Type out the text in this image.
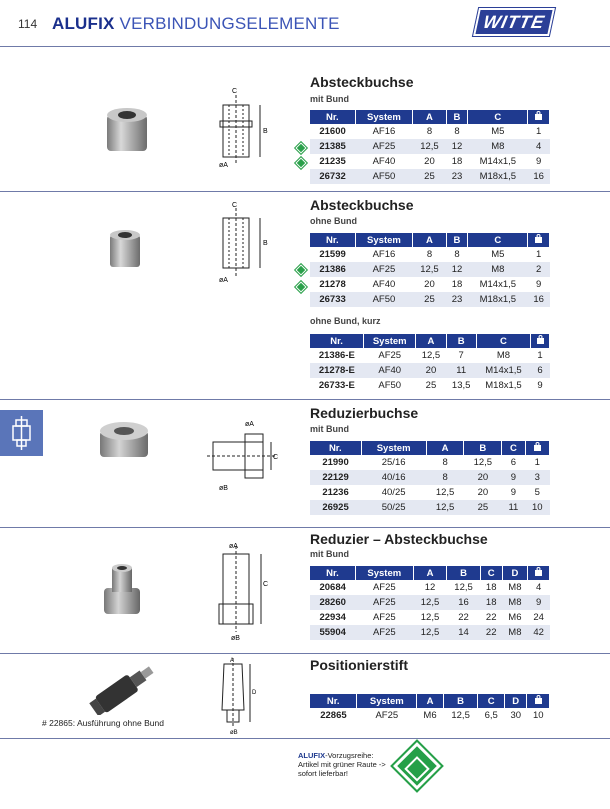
114 ALUFIX VERBINDUNGSELEMENTE	WITTE
C
B
øA
Absteckbuchse
mit Bund
Nr.	System	A	B	C	
21600	AF16	8	8	M5	1
21385	AF25	12,5	12	M8	4
21235	AF40	20	18	M14x1,5	9
26732	AF50	25	23	M18x1,5	16
C
B
øA
Absteckbuchse
ohne Bund
Nr.	System	A	B	C	
21599	AF16	8	8	M5	1
21386	AF25	12,5	12	M8	2
21278	AF40	20	18	M14x1,5	9
26733	AF50	25	23	M18x1,5	16
ohne Bund, kurz
Nr.	System	A	B	C	
21386-E	AF25	12,5	7	M8	1
21278-E	AF40	20	11	M14x1,5	6
26733-E	AF50	25	13,5	M18x1,5	9
øA
C
øB
Reduzierbuchse
mit Bund
Nr.	System	A	B	C	
21990	25/16	8	12,5	6	1
22129	40/16	8	20	9	3
21236	40/25	12,5	20	9	5
26925	50/25	12,5	25	11	10
øA
C
øB
Reduzier – Absteckbuchse
mit Bund
Nr.	System	A	B	C	D	
20684	AF25	12	12,5	18	M8	4
28260	AF25	12,5	16	18	M8	9
22934	AF25	12,5	22	22	M6	24
55904	AF25	12,5	14	22	M8	42
A
D
øB
Positionierstift
Nr.	System	A	B	C	D	
22865	AF25	M6	12,5	6,5	30	10
# 22865: Ausführung ohne Bund
ALUFIX-Vorzugsreihe:
Artikel mit grüner Raute ->
sofort lieferbar!
